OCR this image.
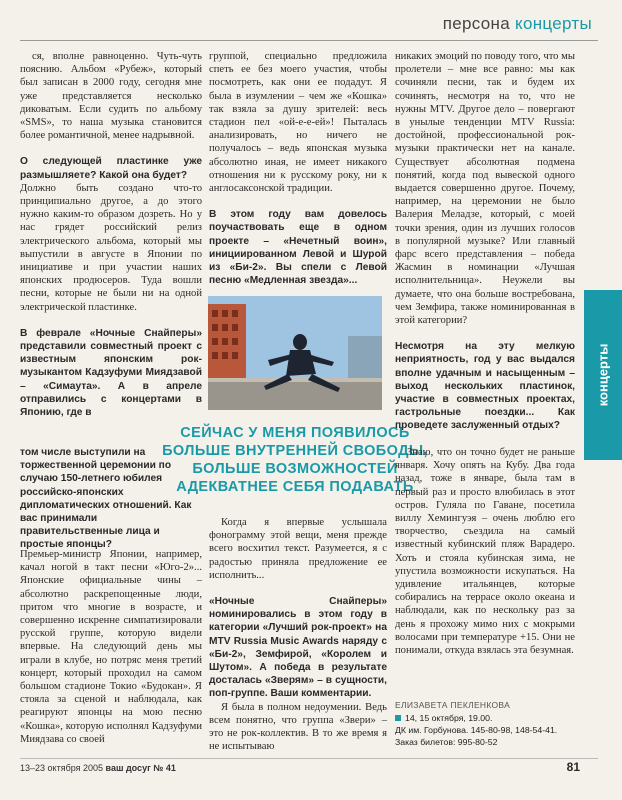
персона концерты

ся, вполне равноценно. Чуть-чуть пояснию. Альбом «Рубеж», который был записан в 2000 году, сегодня мне уже представляется несколько диковатым. Если судить по альбому «SMS», то наша музыка становится более романтичной, менее надрывной.

О следующей пластинке уже размышляете? Какой она будет?

Должно быть создано что-то принципиально другое, а до этого нужно каким-то образом дозреть. Но у нас грядет российский релиз электрического альбома, который мы выпустили в августе в Японии по инициативе и при участии наших японских продюсеров. Туда вошли песни, которые не были ни на одной электрической пластинке.

В феврале «Ночные Снайперы» представили совместный проект с известным японским рок-музыкантом Кадзуфуми Миядзавой – «Симаута». А в апреле отправились с концертами в Японию, где в

том числе выступили на торжественной церемонии по случаю 150-летнего юбилея российско-японских дипломатических отношений. Как вас принимали правительственные лица и простые японцы?

Премьер-министр Японии, например, качал ногой в такт песни «Юго-2»... Японские официальные чины – абсолютно раскрепощенные люди, притом что многие в возрасте, и совершенно искренне симпатизировали русской группе, которую видели впервые. На следующий день мы играли в клубе, но потряс меня третий концерт, который проходил на самом большом стадионе Токио «Будокан». Я стояла за сценой и наблюдала, как реагируют японцы на мою песню «Кошка», которую исполнял Кадзуфуми Миядзава со своей

группой, специально предложила спеть ее без моего участия, чтобы посмотреть, как они ее подадут. Я была в изумлении – чем же «Кошка» так взяла за душу зрителей: весь стадион пел «ой-е-е-ей»! Пыталась анализировать, но ничего не получалось – ведь японская музыка абсолютно иная, не имеет никакого отношения ни к русскому року, ни к англосаксонской традиции.

В этом году вам довелось поучаствовать еще в одном проекте – «Нечетный воин», инициированном Левой и Шурой из «Би-2». Вы спели с Левой песню «Медленная звезда»...

СЕЙЧАС У МЕНЯ ПОЯВИЛОСЬ БОЛЬШЕ ВНУТРЕННЕЙ СВОБОДЫ, БОЛЬШЕ ВОЗМОЖНОСТЕЙ АДЕКВАТНЕЕ СЕБЯ ПОДАВАТЬ

Когда я впервые услышала фонограмму этой вещи, меня прежде всего восхитил текст. Разумеется, я с радостью приняла предложение ее исполнить...

«Ночные Снайперы» номинировались в этом году в категории «Лучший рок-проект» на MTV Russia Music Awards наряду с «Би-2», Земфирой, «Королем и Шутом». А победа в результате досталась «Зверям» – в сущности, поп-группе. Ваши комментарии.

Я была в полном недоумении. Ведь всем понятно, что группа «Звери» – это не рок-коллектив. В то же время я не испытываю

никаких эмоций по поводу того, что мы пролетели – мне все равно: мы как сочиняли песни, так и будем их сочинять, несмотря на то, что не нужны MTV. Другое дело – повергают в унылые тенденции MTV Russia: достойной, профессиональной рок-музыки практически нет на канале. Существует абсолютная подмена понятий, когда под вывеской одного выдается совершенно другое. Почему, например, на церемонии не было Валерия Меладзе, который, с моей точки зрения, один из лучших голосов в популярной музыке? Или главный фарс всего представления – победа Жасмин в номинации «Лучшая исполнительница». Неужели вы думаете, что она больше востребована, чем Земфира, также номинированная в этой категории?

Несмотря на эту мелкую неприятность, год у вас выдался вполне удачным и насыщенным – выход нескольких пластинок, участие в совместных проектах, гастрольные поездки... Как проведете заслуженный отдых?

Знаю, что он точно будет не раньше января. Хочу опять на Кубу. Два года назад, тоже в январе, была там в первый раз и просто влюбилась в этот остров. Гуляла по Гаване, посетила виллу Хемингуэя – очень люблю его творчество, съездила на самый известный кубинский пляж Варадеро. Хоть и стояла кубинская зима, не упустила возможности искупаться. На удивление итальянцев, которые собирались на террасе около океана и наблюдали, как по нескольку раз за день я прохожу мимо них с мокрыми волосами при температуре +15. Они не понимали, откуда взялась эта безумная.

концерты
ЕЛИЗАВЕТА ПЕКЛЕНКОВА
14, 15 октября, 19.00.
ДК им. Горбунова. 145-80-98, 148-54-41.
Заказ билетов: 995-80-52
13–23 октября 2005 ваш досуг № 41	81
